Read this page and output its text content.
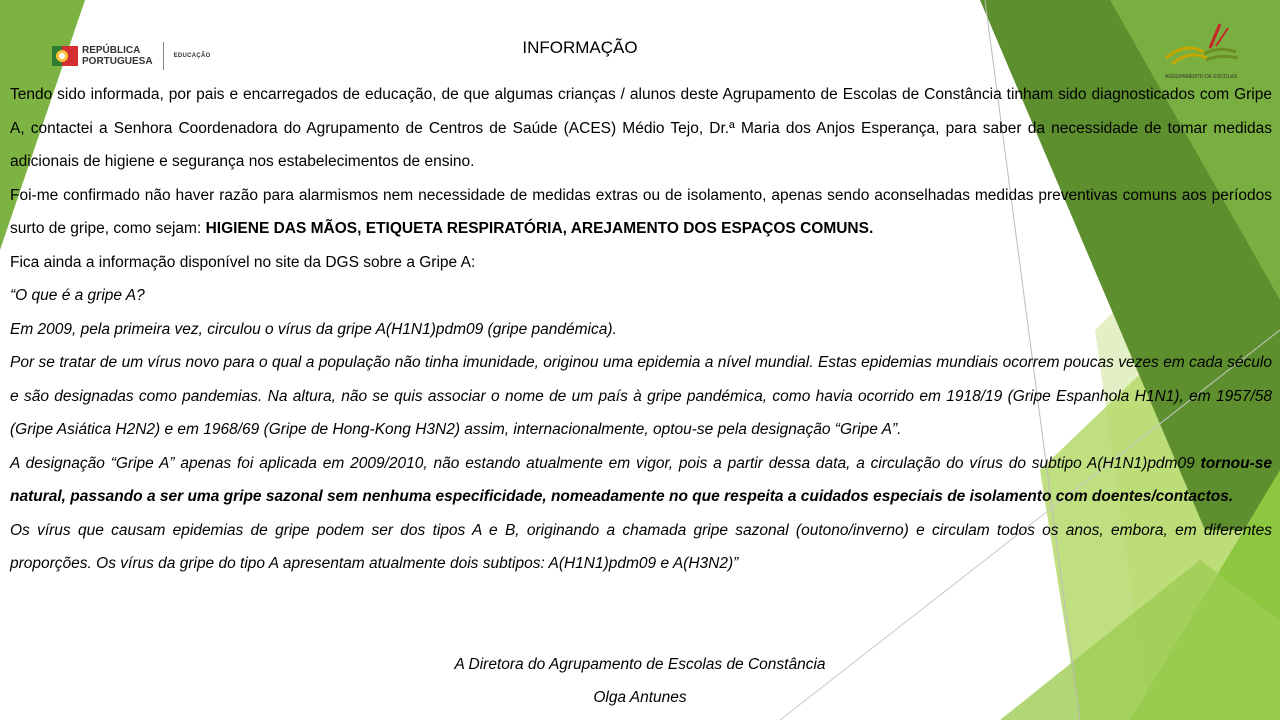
REPÚBLICA
PORTUGUESA	EDUCAÇÃO
AGRUPAMENTO DE ESCOLAS
INFORMAÇÃO

Tendo sido informada, por pais e encarregados de educação, de que algumas crianças / alunos deste Agrupamento de Escolas de Constância tinham sido diagnosticados com Gripe A, contactei a Senhora Coordenadora do Agrupamento de Centros de Saúde (ACES) Médio Tejo, Dr.ª Maria dos Anjos Esperança, para saber da necessidade de tomar medidas adicionais de higiene e segurança nos estabelecimentos de ensino.

Foi-me confirmado não haver razão para alarmismos nem necessidade de medidas extras ou de isolamento, apenas sendo aconselhadas medidas preventivas comuns aos períodos surto de gripe, como sejam: HIGIENE DAS MÃOS, ETIQUETA RESPIRATÓRIA, AREJAMENTO DOS ESPAÇOS COMUNS.

Fica ainda a informação disponível no site da DGS sobre a Gripe A:

“O que é a gripe A?

Em 2009, pela primeira vez, circulou o vírus da gripe A(H1N1)pdm09 (gripe pandémica).

Por se tratar de um vírus novo para o qual a população não tinha imunidade, originou uma epidemia a nível mundial. Estas epidemias mundiais ocorrem poucas vezes em cada século e são designadas como pandemias. Na altura, não se quis associar o nome de um país à gripe pandémica, como havia ocorrido em 1918/19 (Gripe Espanhola H1N1), em 1957/58 (Gripe Asiática H2N2) e em 1968/69 (Gripe de Hong-Kong H3N2) assim, internacionalmente, optou-se pela designação “Gripe A”.

A designação “Gripe A” apenas foi aplicada em 2009/2010, não estando atualmente em vigor, pois a partir dessa data, a circulação do vírus do subtipo A(H1N1)pdm09 tornou-se natural, passando a ser uma gripe sazonal sem nenhuma especificidade, nomeadamente no que respeita a cuidados especiais de isolamento com doentes/contactos.

Os vírus que causam epidemias de gripe podem ser dos tipos A e B, originando a chamada gripe sazonal (outono/inverno) e circulam todos os anos, embora, em diferentes proporções. Os vírus da gripe do tipo A apresentam atualmente dois subtipos: A(H1N1)pdm09 e A(H3N2)”

A Diretora do Agrupamento de Escolas de Constância
Olga Antunes
